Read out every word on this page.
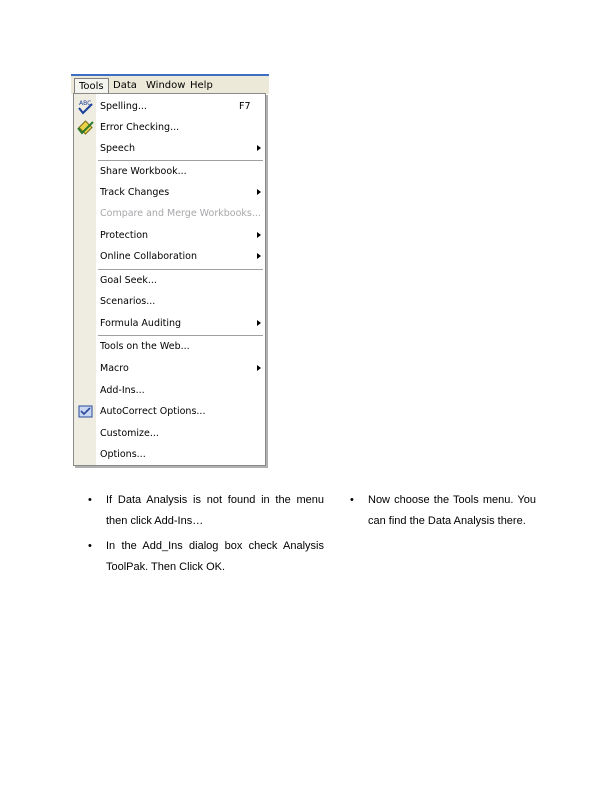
Tools Data Window Help
ABC Spelling...	F7
Error Checking...
Speech
Share Workbook...
Track Changes
Compare and Merge Workbooks...
Protection
Online Collaboration
Goal Seek...
Scenarios...
Formula Auditing
Tools on the Web...
Macro
Add-Ins...
AutoCorrect Options...
Customize...
Options...
• If Data Analysis is not found in the menu then click Add-Ins…
• In the Add_Ins dialog box check Analysis ToolPak. Then Click OK.
• Now choose the Tools menu. You can find the Data Analysis there.
